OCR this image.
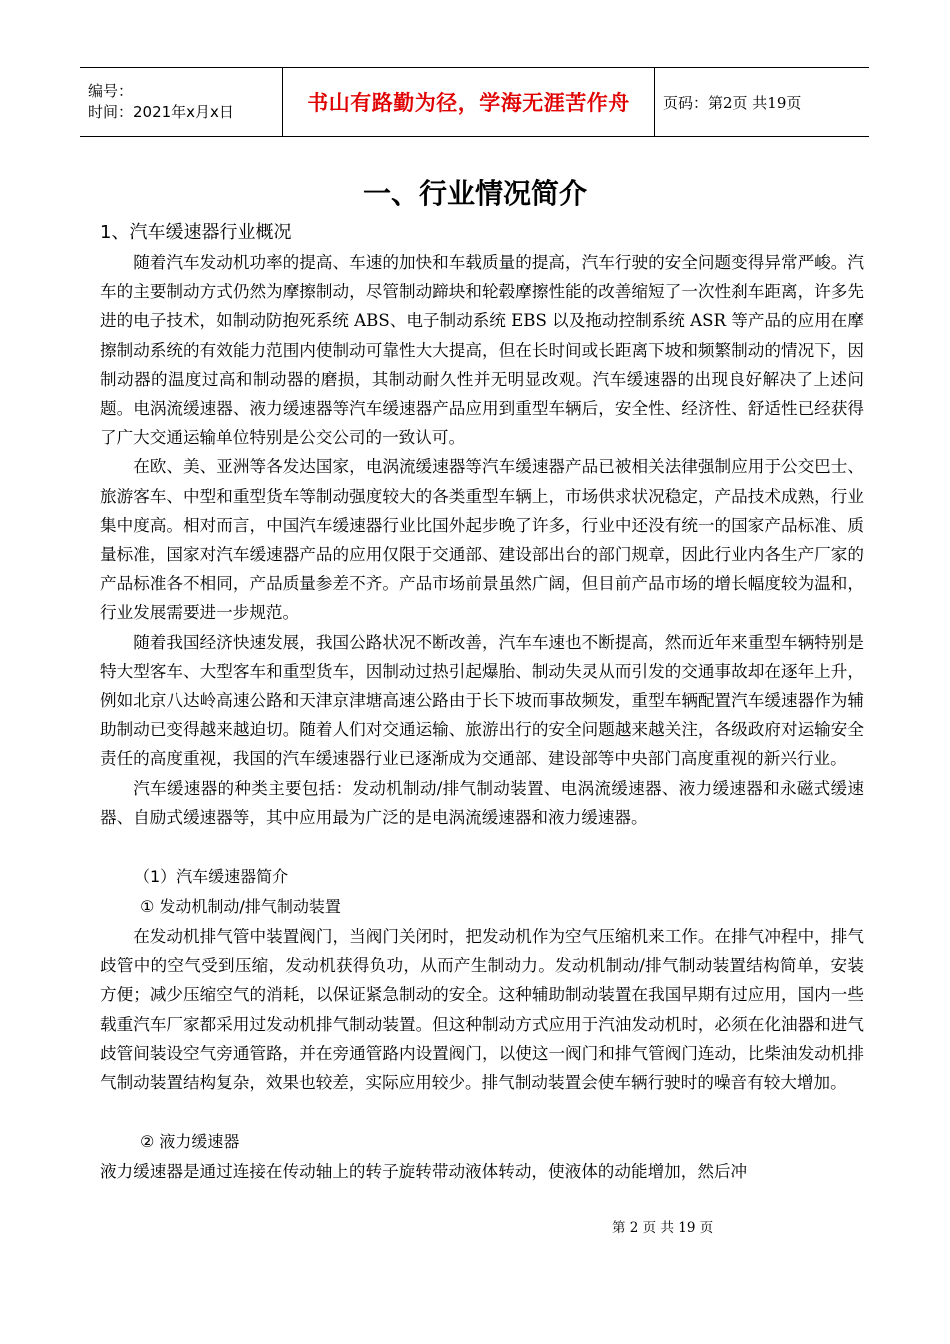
编号：
时间：2021年x月x日	书山有路勤为径，学海无涯苦作舟 页码：第2页 共19页
一、行业情况简介
1、汽车缓速器行业概况

随着汽车发动机功率的提高、车速的加快和车载质量的提高，汽车行驶的安全问题变得异常严峻。汽车的主要制动方式仍然为摩擦制动，尽管制动蹄块和轮毂摩擦性能的改善缩短了一次性刹车距离，许多先进的电子技术，如制动防抱死系统 ABS、电子制动系统 EBS 以及拖动控制系统 ASR 等产品的应用在摩擦制动系统的有效能力范围内使制动可靠性大大提高，但在长时间或长距离下坡和频繁制动的情况下，因制动器的温度过高和制动器的磨损，其制动耐久性并无明显改观。汽车缓速器的出现良好解决了上述问题。电涡流缓速器、液力缓速器等汽车缓速器产品应用到重型车辆后，安全性、经济性、舒适性已经获得了广大交通运输单位特别是公交公司的一致认可。

在欧、美、亚洲等各发达国家，电涡流缓速器等汽车缓速器产品已被相关法律强制应用于公交巴士、旅游客车、中型和重型货车等制动强度较大的各类重型车辆上，市场供求状况稳定，产品技术成熟，行业集中度高。相对而言，中国汽车缓速器行业比国外起步晚了许多，行业中还没有统一的国家产品标准、质量标准，国家对汽车缓速器产品的应用仅限于交通部、建设部出台的部门规章，因此行业内各生产厂家的产品标准各不相同，产品质量参差不齐。产品市场前景虽然广阔，但目前产品市场的增长幅度较为温和，行业发展需要进一步规范。

随着我国经济快速发展，我国公路状况不断改善，汽车车速也不断提高，然而近年来重型车辆特别是特大型客车、大型客车和重型货车，因制动过热引起爆胎、制动失灵从而引发的交通事故却在逐年上升，例如北京八达岭高速公路和天津京津塘高速公路由于长下坡而事故频发，重型车辆配置汽车缓速器作为辅助制动已变得越来越迫切。随着人们对交通运输、旅游出行的安全问题越来越关注，各级政府对运输安全责任的高度重视，我国的汽车缓速器行业已逐渐成为交通部、建设部等中央部门高度重视的新兴行业。

汽车缓速器的种类主要包括：发动机制动/排气制动装置、电涡流缓速器、液力缓速器和永磁式缓速器、自励式缓速器等，其中应用最为广泛的是电涡流缓速器和液力缓速器。

（1）汽车缓速器简介
① 发动机制动/排气制动装置

在发动机排气管中装置阀门，当阀门关闭时，把发动机作为空气压缩机来工作。在排气冲程中，排气歧管中的空气受到压缩，发动机获得负功，从而产生制动力。发动机制动/排气制动装置结构简单，安装方便；减少压缩空气的消耗，以保证紧急制动的安全。这种辅助制动装置在我国早期有过应用，国内一些载重汽车厂家都采用过发动机排气制动装置。但这种制动方式应用于汽油发动机时，必须在化油器和进气歧管间装设空气旁通管路，并在旁通管路内设置阀门，以使这一阀门和排气管阀门连动，比柴油发动机排气制动装置结构复杂，效果也较差，实际应用较少。排气制动装置会使车辆行驶时的噪音有较大增加。

② 液力缓速器

液力缓速器是通过连接在传动轴上的转子旋转带动液体转动，使液体的动能增加，然后冲

第 2 页 共 19 页
